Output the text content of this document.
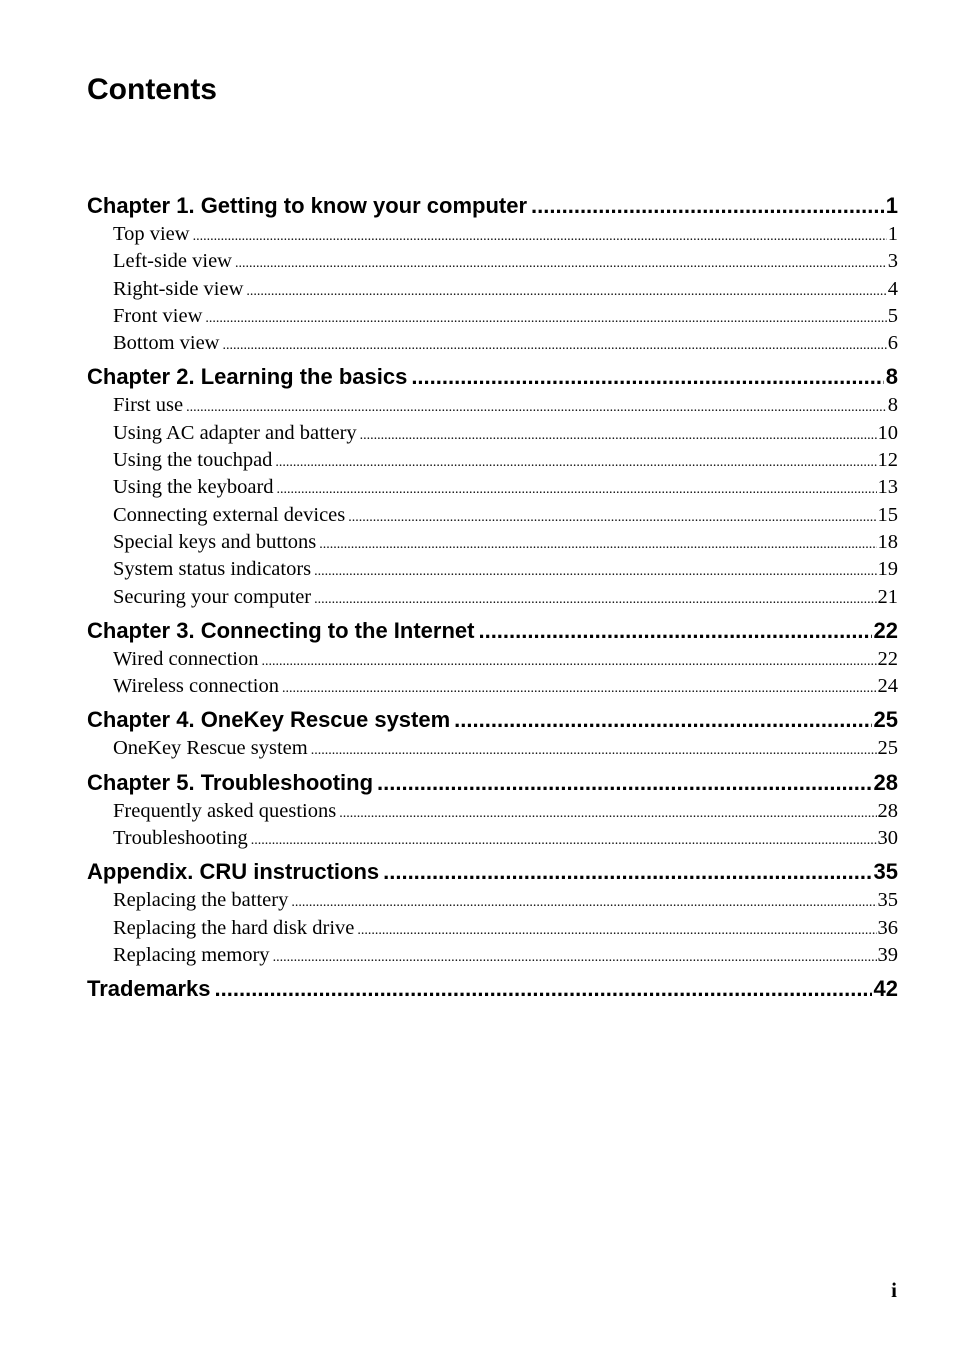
Contents
Chapter 1. Getting to know your computer .....	1
Top view .....	1
Left-side view .....	3
Right-side view .....	4
Front view .....	5
Bottom view .....	6
Chapter 2. Learning the basics .....	8
First use .....	8
Using AC adapter and battery .....	10
Using the touchpad .....	12
Using the keyboard .....	13
Connecting external devices .....	15
Special keys and buttons .....	18
System status indicators .....	19
Securing your computer .....	21
Chapter 3. Connecting to the Internet .....	22
Wired connection .....	22
Wireless connection .....	24
Chapter 4. OneKey Rescue system .....	25
OneKey Rescue system .....	25
Chapter 5. Troubleshooting .....	28
Frequently asked questions .....	28
Troubleshooting .....	30
Appendix. CRU instructions .....	35
Replacing the battery .....	35
Replacing the hard disk drive .....	36
Replacing memory .....	39
Trademarks .....	42
i
